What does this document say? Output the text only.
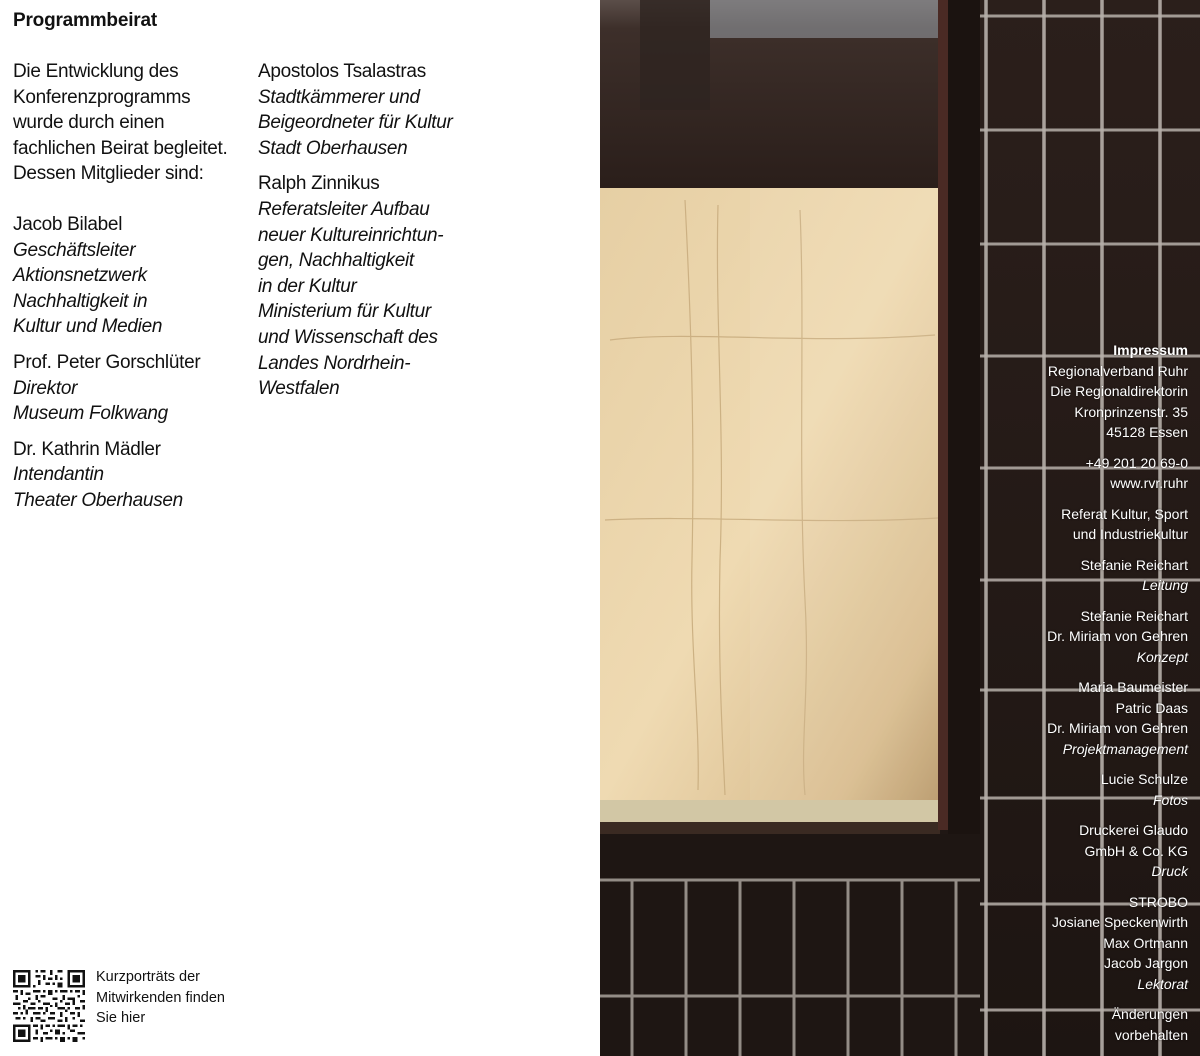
Programmbeirat

Die Entwicklung des Konferenzprogramms wurde durch einen fachlichen Beirat begleitet. Dessen Mitglieder sind:

Jacob Bilabel
Geschäftsleiter
Aktionsnetzwerk
Nachhaltigkeit in
Kultur und Medien
Prof. Peter Gorschlüter
Direktor
Museum Folkwang
Dr. Kathrin Mädler
Intendantin
Theater Oberhausen
Apostolos Tsalastras
Stadtkämmerer und
Beigeordneter für Kultur
Stadt Oberhausen
Ralph Zinnikus
Referatsleiter Aufbau
neuer Kultureinrichtun-
gen, Nachhaltigkeit
in der Kultur
Ministerium für Kultur
und Wissenschaft des
Landes Nordrhein-
Westfalen
Kurzporträts der
Mitwirkenden finden
Sie hier
Impressum
Regionalverband Ruhr
Die Regionaldirektorin
Kronprinzenstr. 35
45128 Essen
+49 201 20 69-0
www.rvr.ruhr
Referat Kultur, Sport
und Industriekultur
Stefanie Reichart
Leitung
Stefanie Reichart
Dr. Miriam von Gehren
Konzept
Maria Baumeister
Patric Daas
Dr. Miriam von Gehren
Projektmanagement
Lucie Schulze
Fotos
Druckerei Glaudo
GmbH & Co. KG
Druck
STROBO
Josiane Speckenwirth
Max Ortmann
Jacob Jargon
Lektorat
Änderungen
vorbehalten
